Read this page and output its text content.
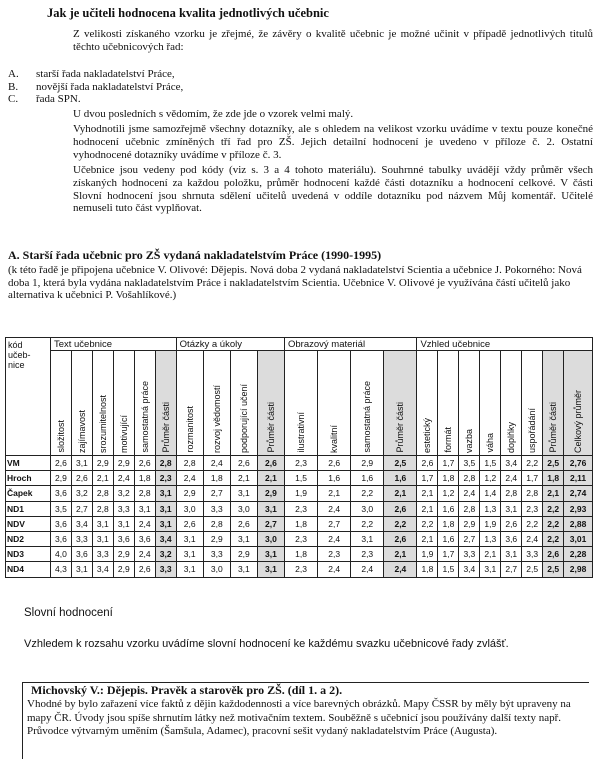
Jak je učiteli hodnocena kvalita jednotlivých učebnic
Z velikosti získaného vzorku je zřejmé, že závěry o kvalitě učebnic je možné učinit v případě jednotlivých titulů těchto učebnicových řad:
A.	starší řada nakladatelství Práce,
B.	novější řada nakladatelství Práce,
C.	řada SPN.
U dvou posledních s vědomím, že zde jde o vzorek velmi malý.
Vyhodnotili jsme samozřejmě všechny dotazníky, ale s ohledem na velikost vzorku uvádíme v textu pouze konečné hodnocení učebnic zmíněných tří řad pro ZŠ. Jejich detailní hodnocení je uvedeno v příloze č. 2. Ostatní vyhodnocené dotazníky uvádíme v příloze č. 3.
Učebnice jsou vedeny pod kódy (viz s. 3 a 4 tohoto materiálu). Souhrnné tabulky uvádějí vždy průměr všech získaných hodnocení za každou položku, průměr hodnocení každé části dotazníku a hodnocení celkové. V části Slovní hodnocení jsou shrnuta sdělení učitelů uvedená v oddíle dotazníku pod názvem Můj komentář. Učitelé nemuseli tuto část vyplňovat.
A. Starší řada učebnic pro ZŠ vydaná nakladatelstvím Práce (1990-1995)
(k této řadě je připojena učebnice V. Olivové: Dějepis. Nová doba 2 vydaná nakladatelství Scientia a učebnice J. Pokorného: Nová doba 1, která byla vydána nakladatelstvím Práce i nakladatelstvím Scientia. Učebnice V. Olivové je využívána částí učitelů jako alternativa k učebnici P. Vošahlíkové.)
kód
učeb-
nice	Text učebnice						Otázky a úkoly				Obrazový materiál				Vzhled učebnice							
	složitost	zajímavost	srozumitelnost	motivující	samostatná práce	Průměr části	rozmanitost	rozvoj vědomostí	podporující učení	Průměr části	ilustrativní	kvalitní	samostatná práce	Průměr části	estetický	formát	vazba	váha	doplňky	uspořádání	Průměr části	Celkový průměr
VM	2,6	3,1	2,9	2,9	2,6	2,8	2,8	2,4	2,6	2,6	2,3	2,6	2,9	2,5	2,6	1,7	3,5	1,5	3,4	2,2	2,5	2,76
Hroch	2,9	2,6	2,1	2,4	1,8	2,3	2,4	1,8	2,1	2,1	1,5	1,6	1,6	1,6	1,7	1,8	2,8	1,2	2,4	1,7	1,8	2,11
Čapek	3,6	3,2	2,8	3,2	2,8	3,1	2,9	2,7	3,1	2,9	1,9	2,1	2,2	2,1	2,1	1,2	2,4	1,4	2,8	2,8	2,1	2,74
ND1	3,5	2,7	2,8	3,3	3,1	3,1	3,0	3,3	3,0	3,1	2,3	2,4	3,0	2,6	2,1	1,6	2,8	1,3	3,1	2,3	2,2	2,93
NDV	3,6	3,4	3,1	3,1	2,4	3,1	2,6	2,8	2,6	2,7	1,8	2,7	2,2	2,2	2,2	1,8	2,9	1,9	2,6	2,2	2,2	2,88
ND2	3,6	3,3	3,1	3,6	3,6	3,4	3,1	2,9	3,1	3,0	2,3	2,4	3,1	2,6	2,1	1,6	2,7	1,3	3,6	2,4	2,2	3,01
ND3	4,0	3,6	3,3	2,9	2,4	3,2	3,1	3,3	2,9	3,1	1,8	2,3	2,3	2,1	1,9	1,7	3,3	2,1	3,1	3,3	2,6	2,28
ND4	4,3	3,1	3,4	2,9	2,6	3,3	3,1	3,0	3,1	3,1	2,3	2,4	2,4	2,4	1,8	1,5	3,4	3,1	2,7	2,5	2,5	2,98
Slovní hodnocení
Vzhledem k rozsahu vzorku uvádíme slovní hodnocení ke každému svazku učebnicové řady zvlášť.
Michovský V.: Dějepis. Pravěk a starověk pro ZŠ. (díl 1. a 2).
Vhodné by bylo zařazení více faktů z dějin každodennosti a více barevných obrázků. Mapy ČSSR by měly být upraveny na mapy ČR. Úvody jsou spíše shrnutím látky než motivačním textem. Souběžně s učebnicí jsou používány další texty např. Průvodce výtvarným uměním (Šamšula, Adamec), pracovní sešit vydaný nakladatelstvím Práce (Augusta).
